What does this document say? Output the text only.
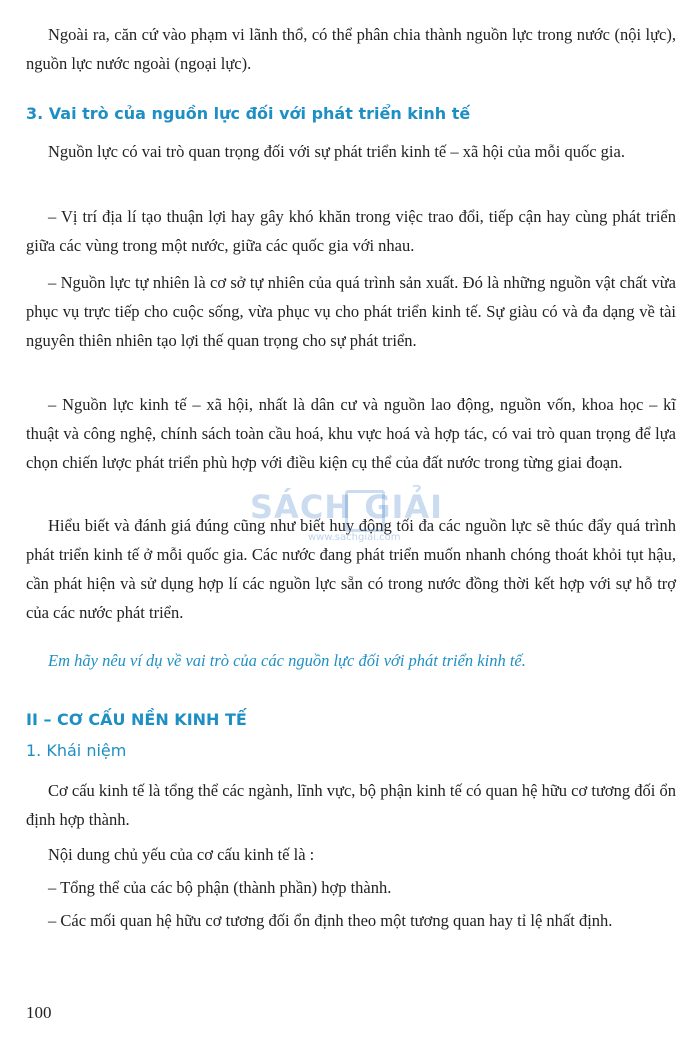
Ngoài ra, căn cứ vào phạm vi lãnh thổ, có thể phân chia thành nguồn lực trong nước (nội lực), nguồn lực nước ngoài (ngoại lực).

3. Vai trò của nguồn lực đối với phát triển kinh tế

Nguồn lực có vai trò quan trọng đối với sự phát triển kinh tế – xã hội của mỗi quốc gia.

– Vị trí địa lí tạo thuận lợi hay gây khó khăn trong việc trao đổi, tiếp cận hay cùng phát triển giữa các vùng trong một nước, giữa các quốc gia với nhau.

– Nguồn lực tự nhiên là cơ sở tự nhiên của quá trình sản xuất. Đó là những nguồn vật chất vừa phục vụ trực tiếp cho cuộc sống, vừa phục vụ cho phát triển kinh tế. Sự giàu có và đa dạng về tài nguyên thiên nhiên tạo lợi thế quan trọng cho sự phát triển.

– Nguồn lực kinh tế – xã hội, nhất là dân cư và nguồn lao động, nguồn vốn, khoa học – kĩ thuật và công nghệ, chính sách toàn cầu hoá, khu vực hoá và hợp tác, có vai trò quan trọng để lựa chọn chiến lược phát triển phù hợp với điều kiện cụ thể của đất nước trong từng giai đoạn.

Hiểu biết và đánh giá đúng cũng như biết huy động tối đa các nguồn lực sẽ thúc đẩy quá trình phát triển kinh tế ở mỗi quốc gia. Các nước đang phát triển muốn nhanh chóng thoát khỏi tụt hậu, cần phát hiện và sử dụng hợp lí các nguồn lực sẵn có trong nước đồng thời kết hợp với sự hỗ trợ của các nước phát triển.

Em hãy nêu ví dụ về vai trò của các nguồn lực đối với phát triển kinh tế.

II – CƠ CẤU NỀN KINH TẾ
1. Khái niệm

Cơ cấu kinh tế là tổng thể các ngành, lĩnh vực, bộ phận kinh tế có quan hệ hữu cơ tương đối ổn định hợp thành.

Nội dung chủ yếu của cơ cấu kinh tế là :

– Tổng thể của các bộ phận (thành phần) hợp thành.

– Các mối quan hệ hữu cơ tương đối ổn định theo một tương quan hay tỉ lệ nhất định.

SÁCH GIẢI
www.sachgiai.com
100
